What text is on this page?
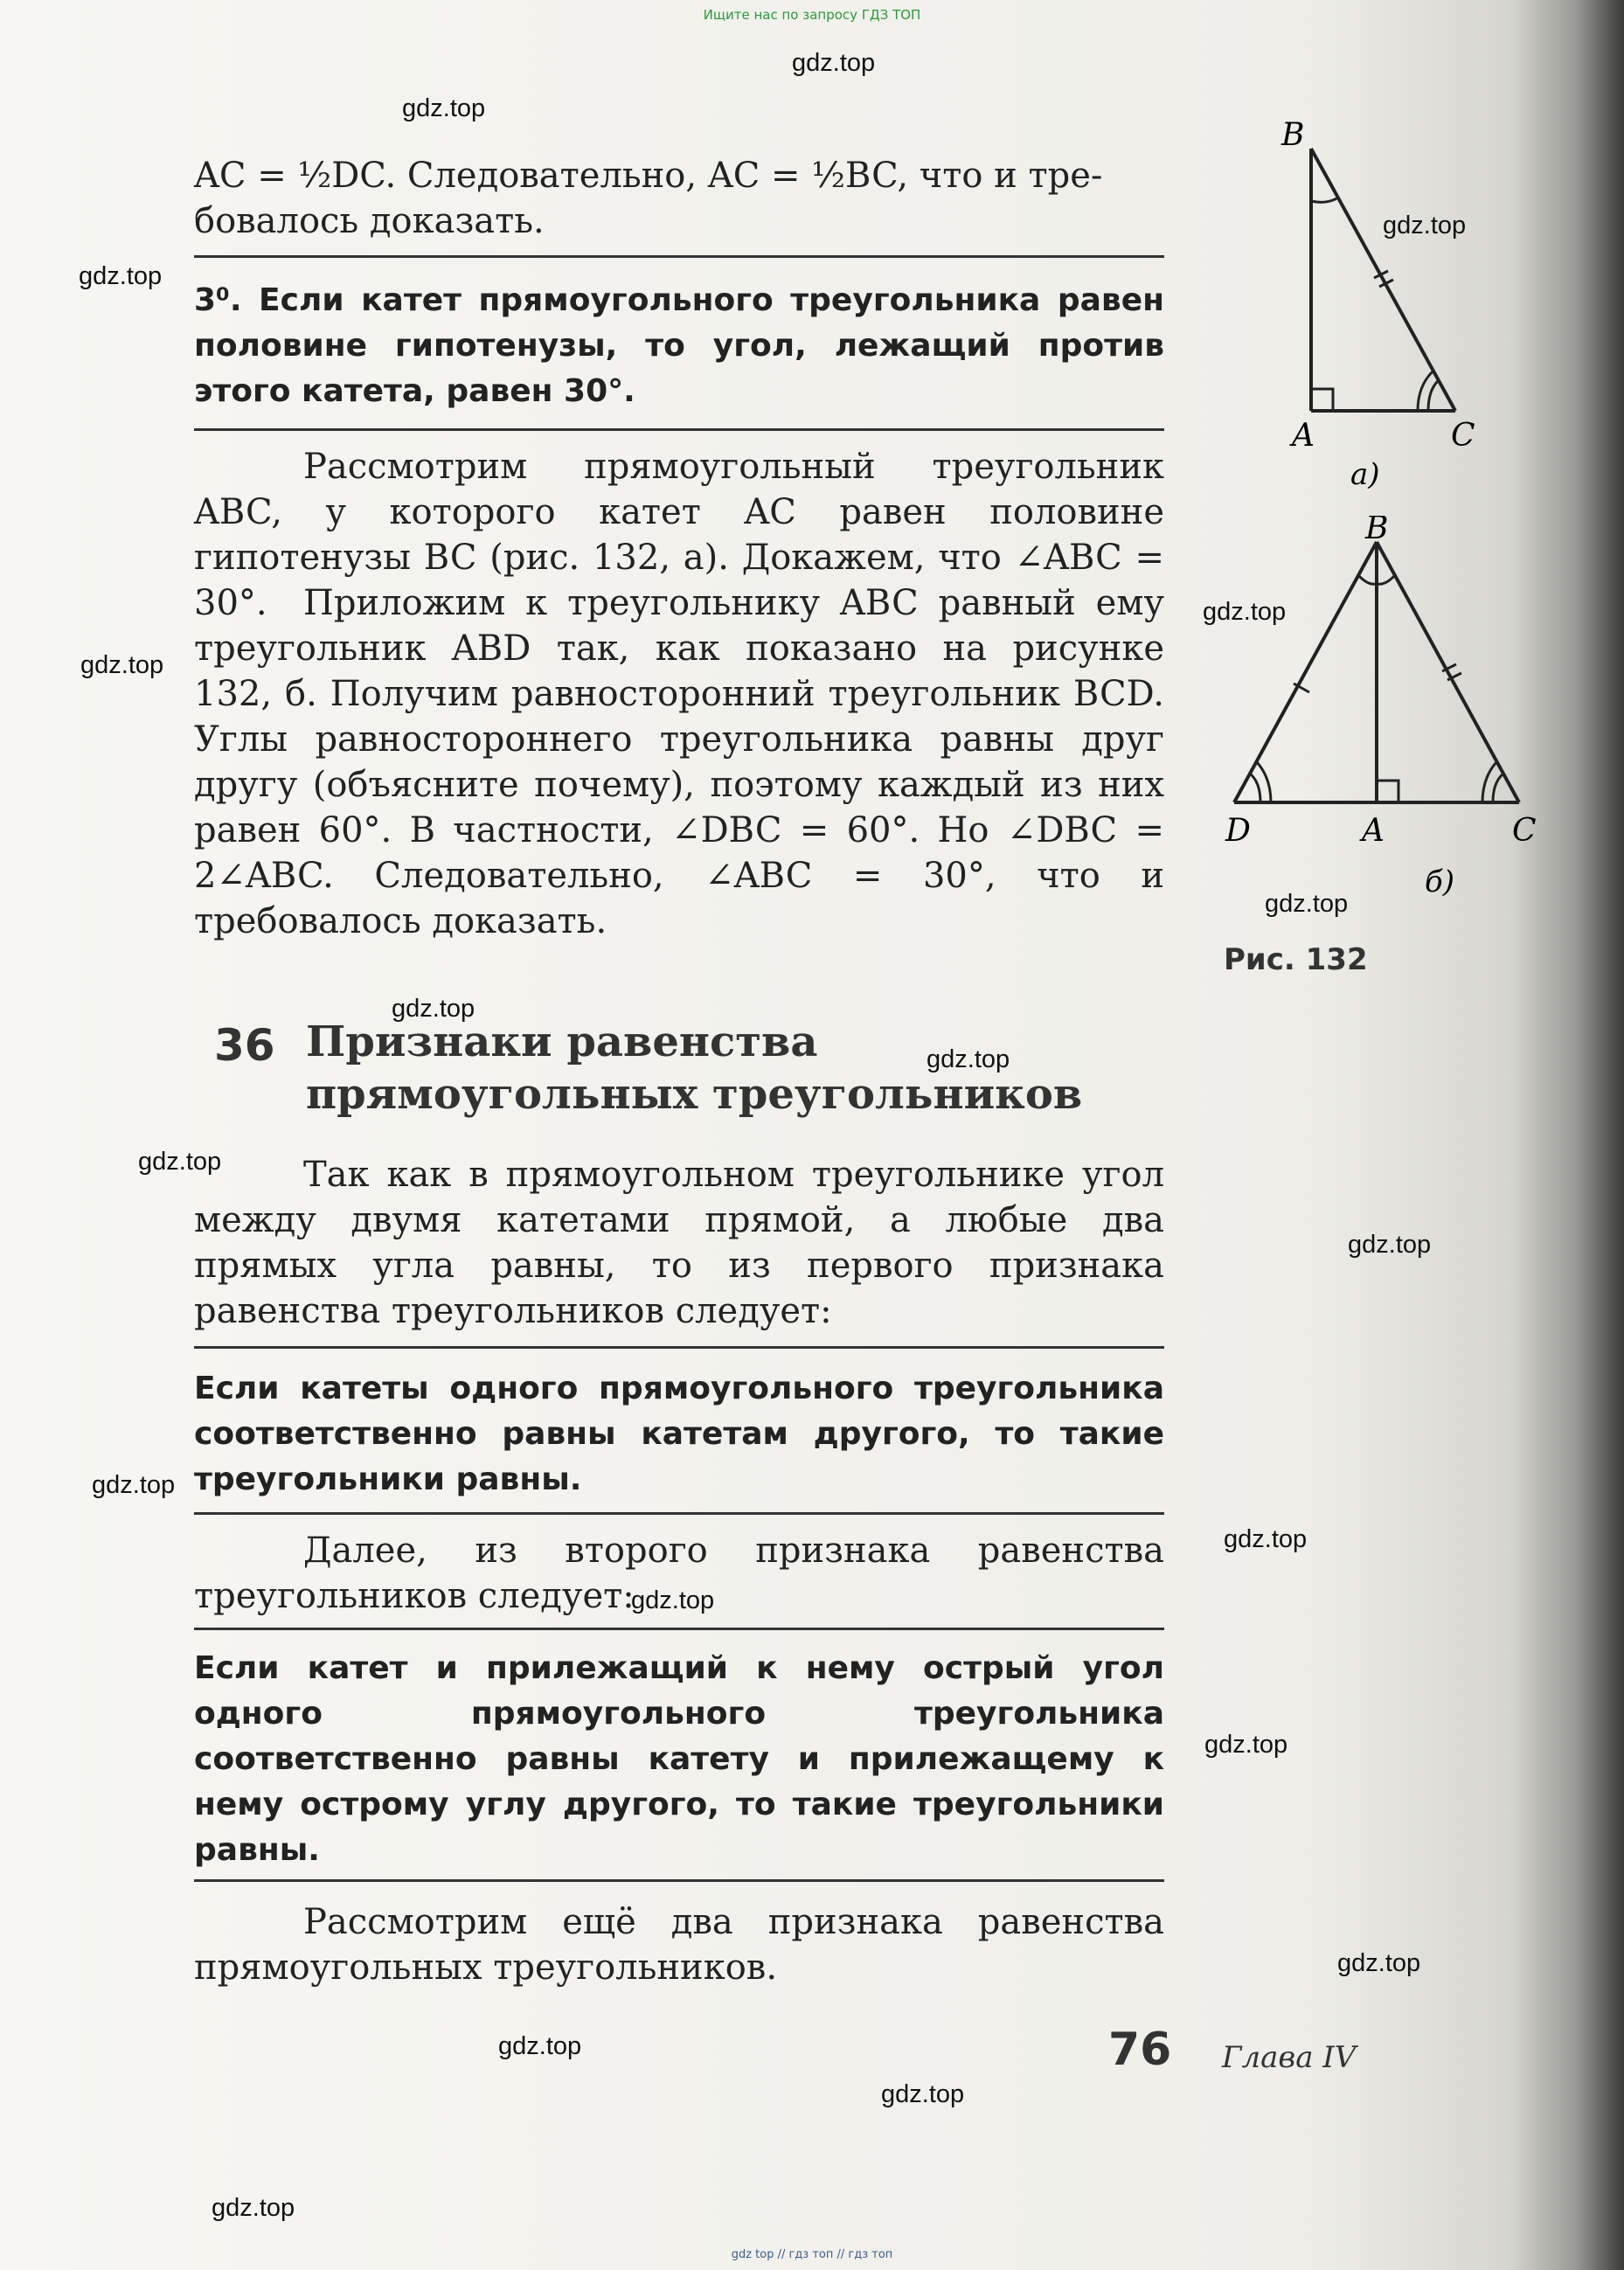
Ищите нас по запросу ГДЗ ТОП
gdz.top
gdz.top
gdz.top
gdz.top
gdz.top
gdz.top
gdz.top
gdz.top
gdz.top
gdz.top
gdz.top
gdz.top
gdz.top
gdz.top
gdz.top
gdz.top
gdz.top
gdz.top
gdz.top

AC = ½DC. Следовательно, AC = ½BC, что и тре-

бовалось доказать.

3⁰. Если катет прямоугольного треугольника равен половине гипотенузы, то угол, лежащий против этого катета, равен 30°.

Рассмотрим прямоугольный треугольник ABC, у которого катет AC равен половине гипотенузы BC (рис. 132, а). Докажем, что ∠ABC = 30°.	Приложим к треугольнику ABC равный ему треугольник ABD так, как показано на рисунке 132, б. Получим равносторонний треугольник BCD. Углы равностороннего треугольника равны друг другу (объясните почему), поэтому каждый из них равен 60°. В частности, ∠DBC = 60°. Но ∠DBC = 2∠ABC. Следовательно, ∠ABC = 30°, что и требовалось доказать.

36 Признаки равенства
прямоугольных треугольников

Так как в прямоугольном треугольнике угол между двумя катетами прямой, а любые два прямых угла равны, то из первого признака равенства треугольников следует:

Если катеты одного прямоугольного треугольника соответственно равны катетам другого, то такие треугольники равны.

Далее, из второго признака равенства треугольников следует:

Если катет и прилежащий к нему острый угол одного прямоугольного треугольника соответственно равны катету и прилежащему к нему острому углу другого, то такие треугольники равны.

Рассмотрим ещё два признака равенства прямоугольных треугольников.

B
A	C
а)
B
D	A	C
б)
Рис. 132
76 Глава IV
gdz top // гдз топ // гдз топ
